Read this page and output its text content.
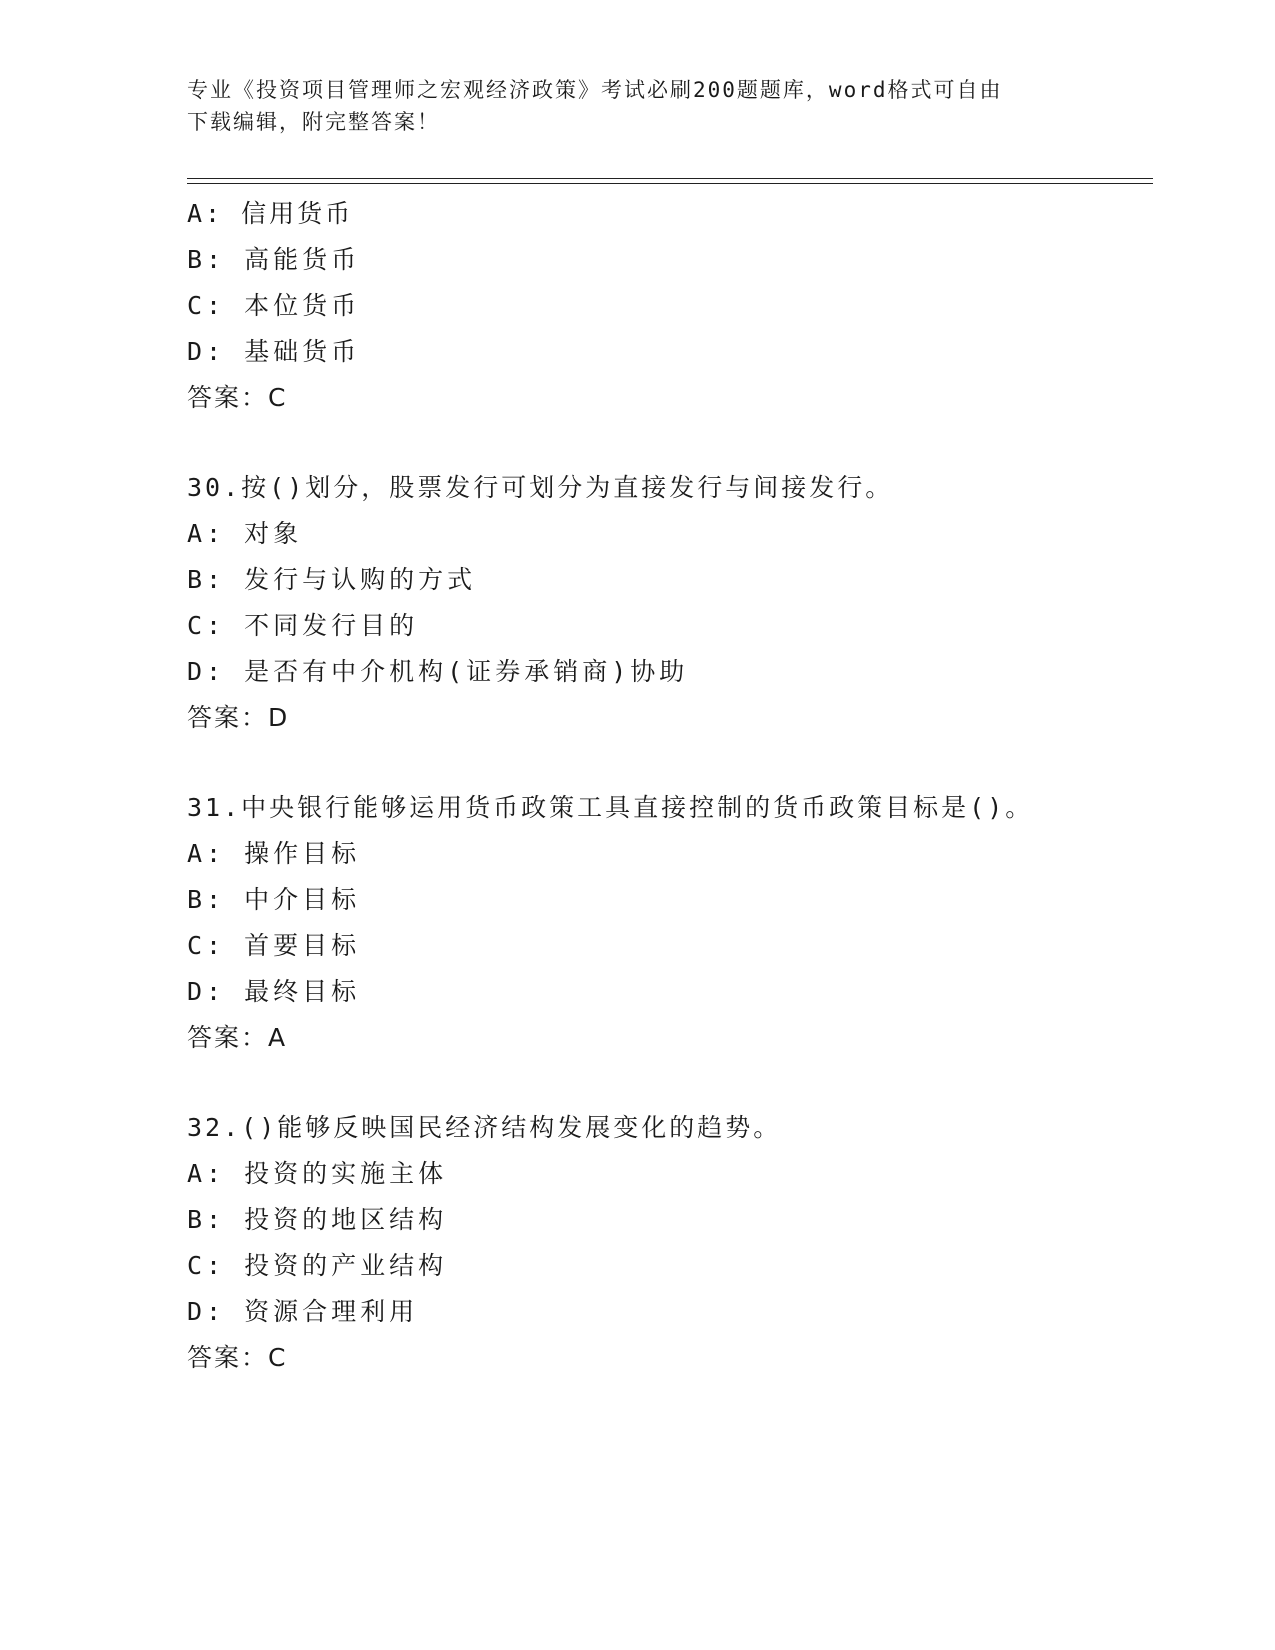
专业《投资项目管理师之宏观经济政策》考试必刷200题题库，word格式可自由
下载编辑，附完整答案！
A: 信用货币
B: 高能货币
C: 本位货币
D: 基础货币
答案：C
30.按()划分，股票发行可划分为直接发行与间接发行。
A: 对象
B: 发行与认购的方式
C: 不同发行目的
D: 是否有中介机构(证券承销商)协助
答案：D
31.中央银行能够运用货币政策工具直接控制的货币政策目标是()。
A: 操作目标
B: 中介目标
C: 首要目标
D: 最终目标
答案：A
32.()能够反映国民经济结构发展变化的趋势。
A: 投资的实施主体
B: 投资的地区结构
C: 投资的产业结构
D: 资源合理利用
答案：C
